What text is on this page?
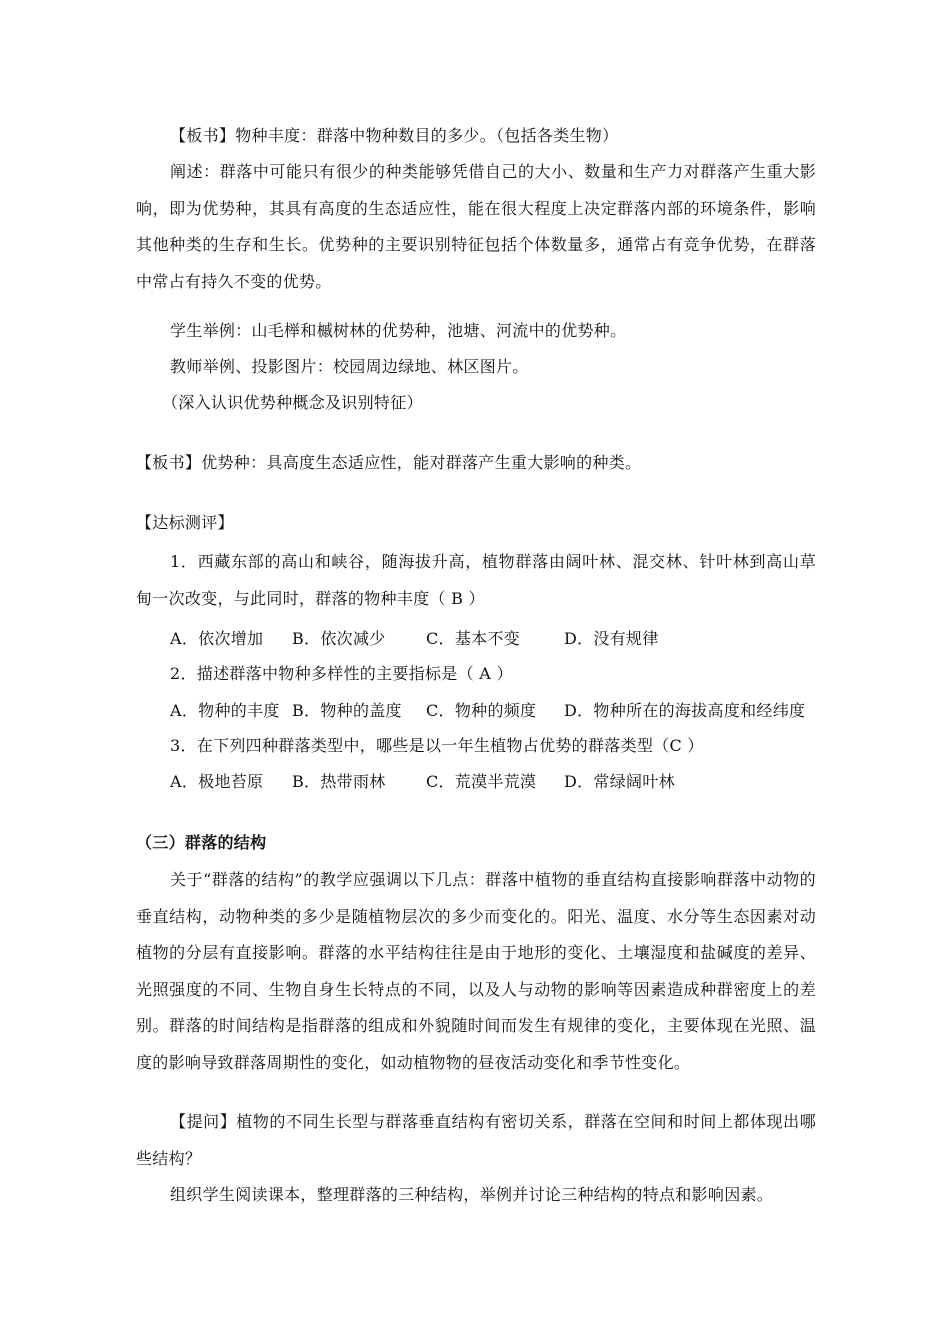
【板书】物种丰度：群落中物种数目的多少。（包括各类生物）
阐述：群落中可能只有很少的种类能够凭借自己的大小、数量和生产力对群落产生重大影响，即为优势种，其具有高度的生态适应性，能在很大程度上决定群落内部的环境条件，影响其他种类的生存和生长。优势种的主要识别特征包括个体数量多，通常占有竞争优势，在群落中常占有持久不变的优势。
学生举例：山毛榉和槭树林的优势种，池塘、河流中的优势种。
教师举例、投影图片：校园周边绿地、林区图片。
（深入认识优势种概念及识别特征）
【板书】优势种：具高度生态适应性，能对群落产生重大影响的种类。
【达标测评】
1．西藏东部的高山和峡谷，随海拔升高，植物群落由阔叶林、混交林、针叶林到高山草甸一次改变，与此同时，群落的物种丰度（ B ）
A．依次增加 B．依次减少	C．基本不变	D．没有规律
2．描述群落中物种多样性的主要指标是（ A ）
A．物种的丰度 B．物种的盖度 C．物种的频度 D．物种所在的海拔高度和经纬度
3．在下列四种群落类型中，哪些是以一年生植物占优势的群落类型（C ）
A．极地苔原 B．热带雨林	C．荒漠半荒漠 D．常绿阔叶林
（三）群落的结构
关于“群落的结构”的教学应强调以下几点：群落中植物的垂直结构直接影响群落中动物的垂直结构，动物种类的多少是随植物层次的多少而变化的。阳光、温度、水分等生态因素对动植物的分层有直接影响。群落的水平结构往往是由于地形的变化、土壤湿度和盐碱度的差异、光照强度的不同、生物自身生长特点的不同，以及人与动物的影响等因素造成种群密度上的差别。群落的时间结构是指群落的组成和外貌随时间而发生有规律的变化，主要体现在光照、温度的影响导致群落周期性的变化，如动植物物的昼夜活动变化和季节性变化。
【提问】植物的不同生长型与群落垂直结构有密切关系，群落在空间和时间上都体现出哪些结构？
组织学生阅读课本，整理群落的三种结构，举例并讨论三种结构的特点和影响因素。
